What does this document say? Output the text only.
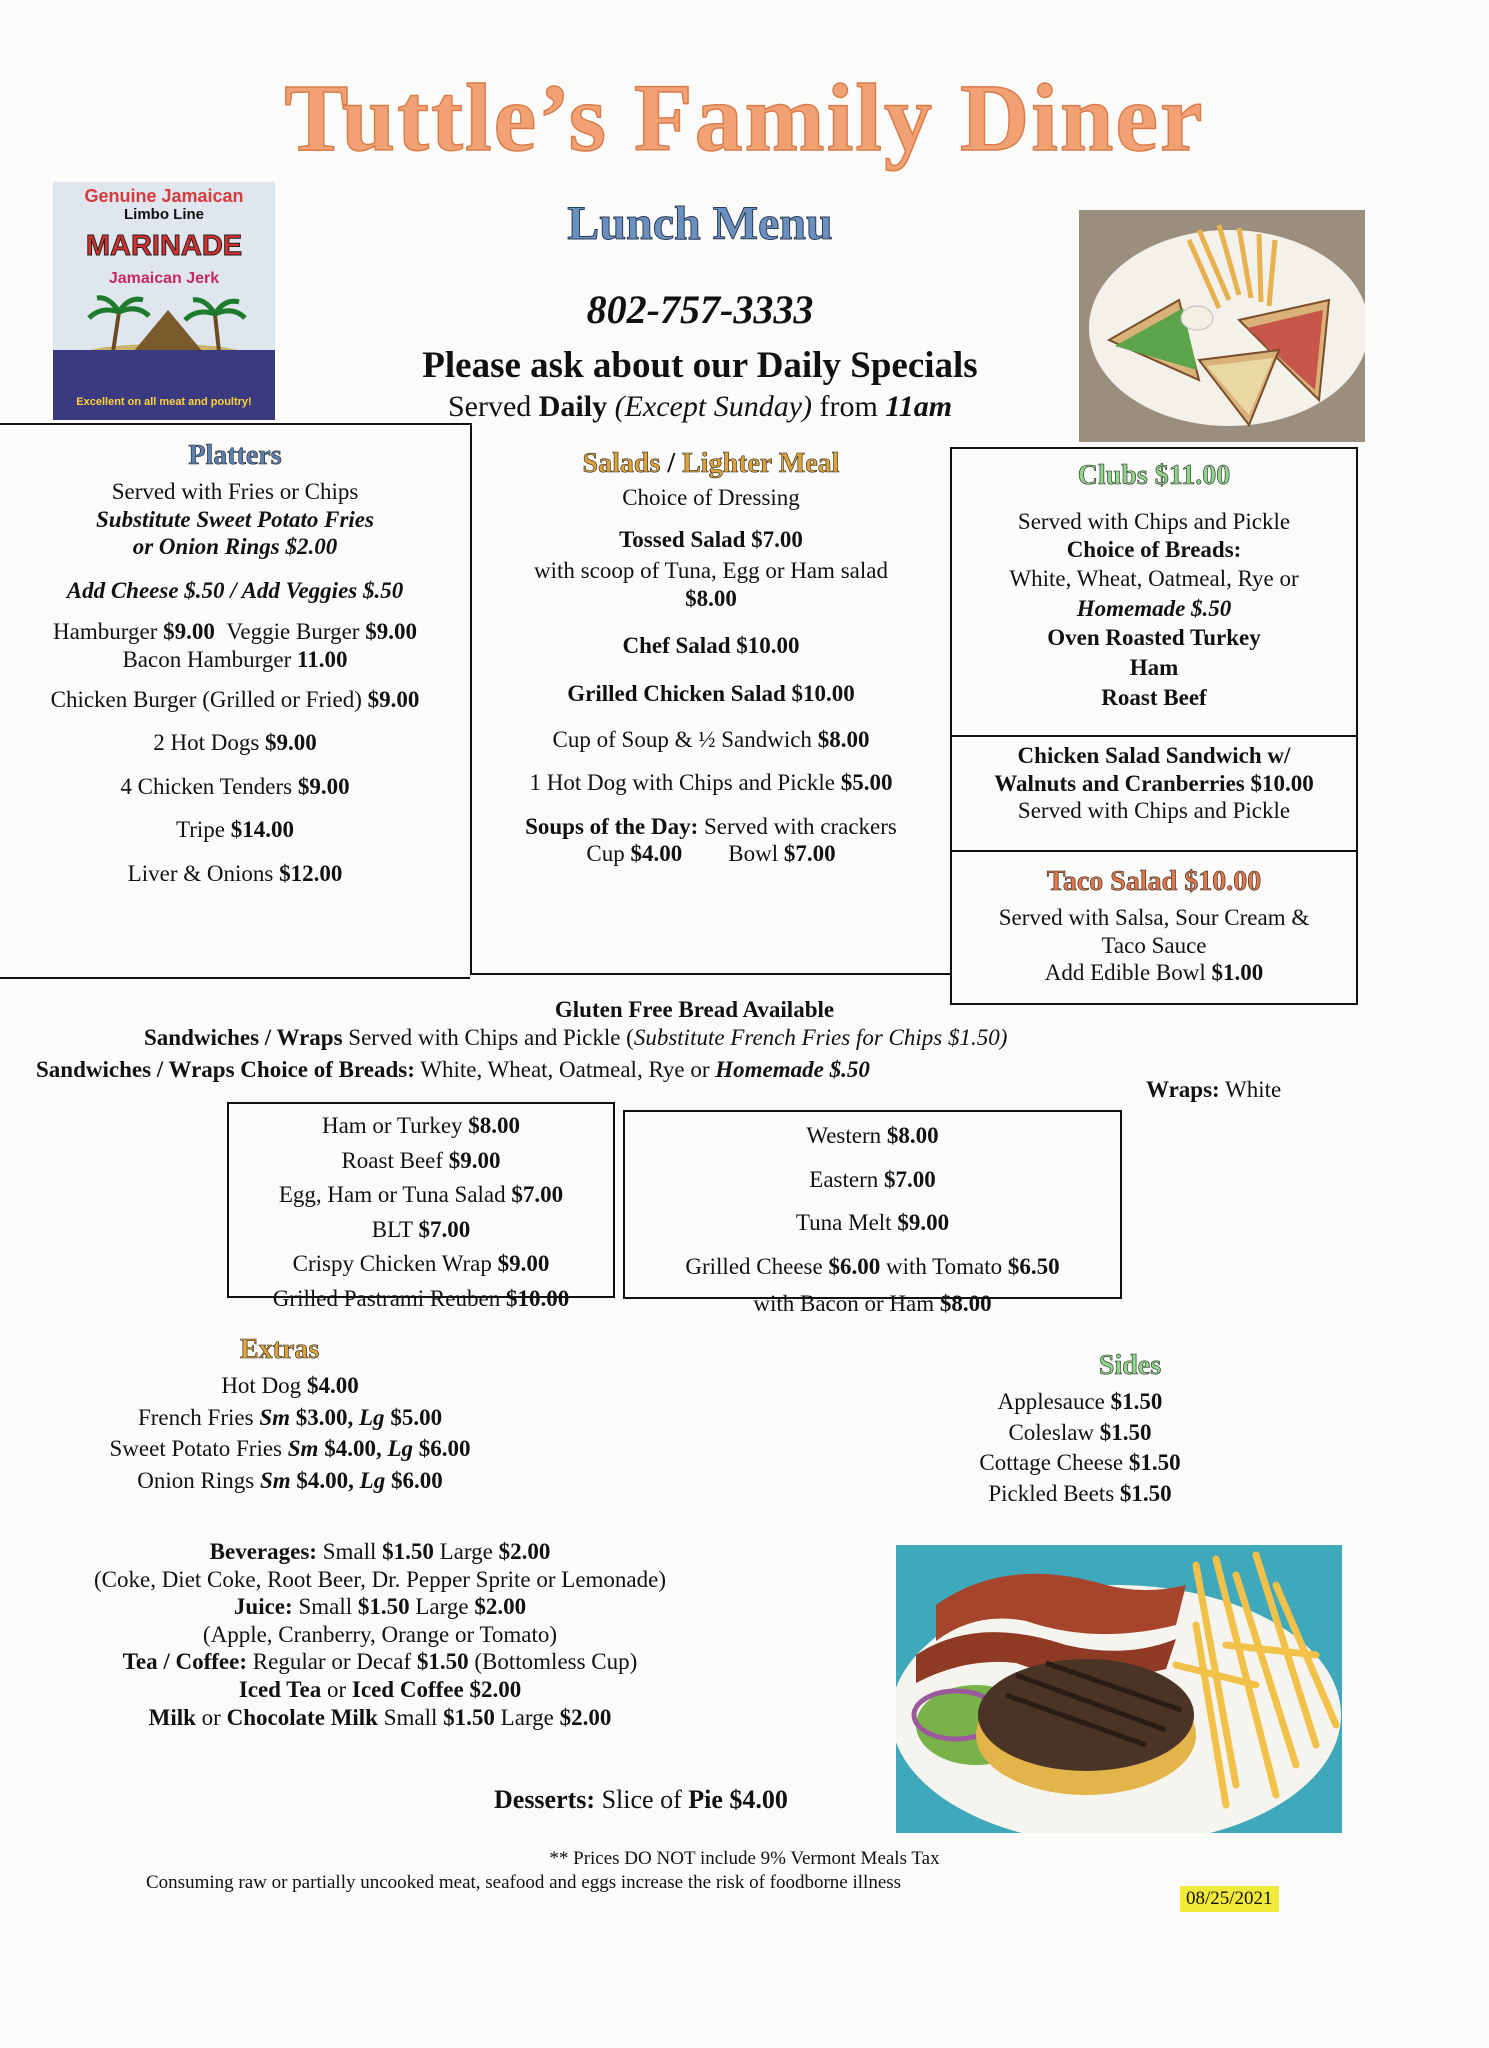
Tuttle’s Family Diner
Genuine Jamaican
Limbo Line
MARINADE
Jamaican Jerk
Excellent on all meat and poultry!
Lunch Menu
802-757-3333
Please ask about our Daily Specials
Served Daily (Except Sunday) from 11am
Platters
Served with Fries or Chips
Substitute Sweet Potato Fries
or Onion Rings $2.00
Add Cheese $.50 / Add Veggies $.50
Hamburger $9.00 Veggie Burger $9.00
Bacon Hamburger 11.00
Chicken Burger (Grilled or Fried) $9.00
2 Hot Dogs $9.00
4 Chicken Tenders $9.00
Tripe $14.00
Liver & Onions $12.00
Salads / Lighter Meal
Choice of Dressing
Tossed Salad $7.00
with scoop of Tuna, Egg or Ham salad
$8.00
Chef Salad $10.00
Grilled Chicken Salad $10.00
Cup of Soup & ½ Sandwich $8.00
1 Hot Dog with Chips and Pickle $5.00
Soups of the Day: Served with crackers
Cup $4.00 Bowl $7.00
Clubs $11.00
Served with Chips and Pickle
Choice of Breads:
White, Wheat, Oatmeal, Rye or
Homemade $.50
Oven Roasted Turkey
Ham
Roast Beef
Chicken Salad Sandwich w/
Walnuts and Cranberries $10.00
Served with Chips and Pickle
Taco Salad $10.00
Served with Salsa, Sour Cream &
Taco Sauce
Add Edible Bowl $1.00
Gluten Free Bread Available
Sandwiches / Wraps Served with Chips and Pickle (Substitute French Fries for Chips $1.50)
Sandwiches / Wraps Choice of Breads: White, Wheat, Oatmeal, Rye or Homemade $.50
Wraps: White
Ham or Turkey $8.00
Roast Beef $9.00
Egg, Ham or Tuna Salad $7.00
BLT $7.00
Crispy Chicken Wrap $9.00
Grilled Pastrami Reuben $10.00
Western $8.00
Eastern $7.00
Tuna Melt $9.00
Grilled Cheese $6.00 with Tomato $6.50
with Bacon or Ham $8.00
Extras
Hot Dog $4.00
French Fries Sm $3.00, Lg $5.00
Sweet Potato Fries Sm $4.00, Lg $6.00
Onion Rings Sm $4.00, Lg $6.00
Sides
Applesauce $1.50
Coleslaw $1.50
Cottage Cheese $1.50
Pickled Beets $1.50
Beverages: Small $1.50 Large $2.00
(Coke, Diet Coke, Root Beer, Dr. Pepper Sprite or Lemonade)
Juice: Small $1.50 Large $2.00
(Apple, Cranberry, Orange or Tomato)
Tea / Coffee: Regular or Decaf $1.50 (Bottomless Cup)
Iced Tea or Iced Coffee $2.00
Milk or Chocolate Milk Small $1.50 Large $2.00
Desserts: Slice of Pie $4.00
** Prices DO NOT include 9% Vermont Meals Tax
Consuming raw or partially uncooked meat, seafood and eggs increase the risk of foodborne illness
08/25/2021
